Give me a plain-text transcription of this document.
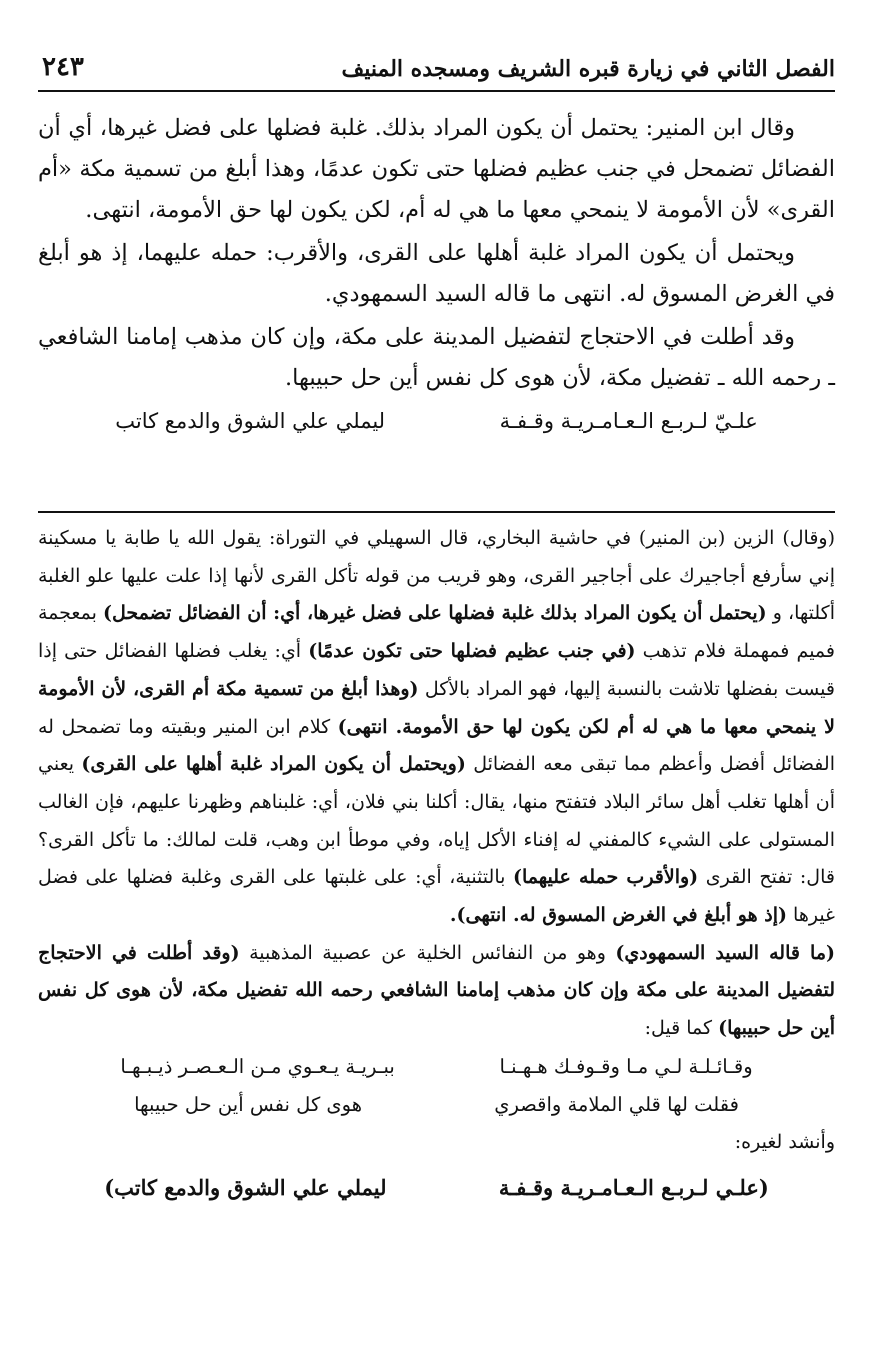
الفصل الثاني في زيارة قبره الشريف ومسجده المنيف
٢٤٣

وقال ابن المنير: يحتمل أن يكون المراد بذلك. غلبة فضلها على فضل غيرها، أي أن الفضائل تضمحل في جنب عظيم فضلها حتى تكون عدمًا، وهذا أبلغ من تسمية مكة «أم القرى» لأن الأمومة لا ينمحي معها ما هي له أم، لكن يكون لها حق الأمومة، انتهى.

ويحتمل أن يكون المراد غلبة أهلها على القرى، والأقرب: حمله عليهما، إذ هو أبلغ في الغرض المسوق له. انتهى ما قاله السيد السمهودي.

وقد أطلت في الاحتجاج لتفضيل المدينة على مكة، وإن كان مذهب إمامنا الشافعي ـ رحمه الله ـ تفضيل مكة، لأن هوى كل نفس أين حل حبيبها.

علـيّ لـربـع الـعـامـريـة وقـفـة
ليملي علي الشوق والدمع كاتب

(وقال) الزين (بن المنير) في حاشية البخاري، قال السهيلي في التوراة: يقول الله يا طابة يا مسكينة إني سأرفع أجاجيرك على أجاجير القرى، وهو قريب من قوله تأكل القرى لأنها إذا علت عليها علو الغلبة أكلتها، و (يحتمل أن يكون المراد بذلك غلبة فضلها على فضل غيرها، أي: أن الفضائل تضمحل) بمعجمة فميم فمهملة فلام تذهب (في جنب عظيم فضلها حتى تكون عدمًا) أي: يغلب فضلها الفضائل حتى إذا قيست بفضلها تلاشت بالنسبة إليها، فهو المراد بالأكل (وهذا أبلغ من تسمية مكة أم القرى، لأن الأمومة لا ينمحي معها ما هي له أم لكن يكون لها حق الأمومة. انتهى) كلام ابن المنير وبقيته وما تضمحل له الفضائل أفضل وأعظم مما تبقى معه الفضائل (ويحتمل أن يكون المراد غلبة أهلها على القرى) يعني أن أهلها تغلب أهل سائر البلاد فتفتح منها، يقال: أكلنا بني فلان، أي: غلبناهم وظهرنا عليهم، فإن الغالب المستولى على الشيء كالمفني له إفناء الأكل إياه، وفي موطأ ابن وهب، قلت لمالك: ما تأكل القرى؟ قال: تفتح القرى (والأقرب حمله عليهما) بالتثنية، أي: على غلبتها على القرى وغلبة فضلها على فضل غيرها (إذ هو أبلغ في الغرض المسوق له. انتهى).

(ما قاله السيد السمهودي) وهو من النفائس الخلية عن عصبية المذهبية (وقد أطلت في الاحتجاج لتفضيل المدينة على مكة وإن كان مذهب إمامنا الشافعي رحمه الله تفضيل مكة، لأن هوى كل نفس أين حل حبيبها) كما قيل:

وقـائـلـة لـي مـا وقـوفـك هـهـنـا
ببـريـة يـعـوي مـن الـعـصـر ذيـبـهـا
فقلت لها قلي الملامة واقصري
هوى كل نفس أين حل حبيبها

وأنشد لغيره:

(علـي لـربـع الـعـامـريـة وقـفـة
ليملي علي الشوق والدمع كاتب)
